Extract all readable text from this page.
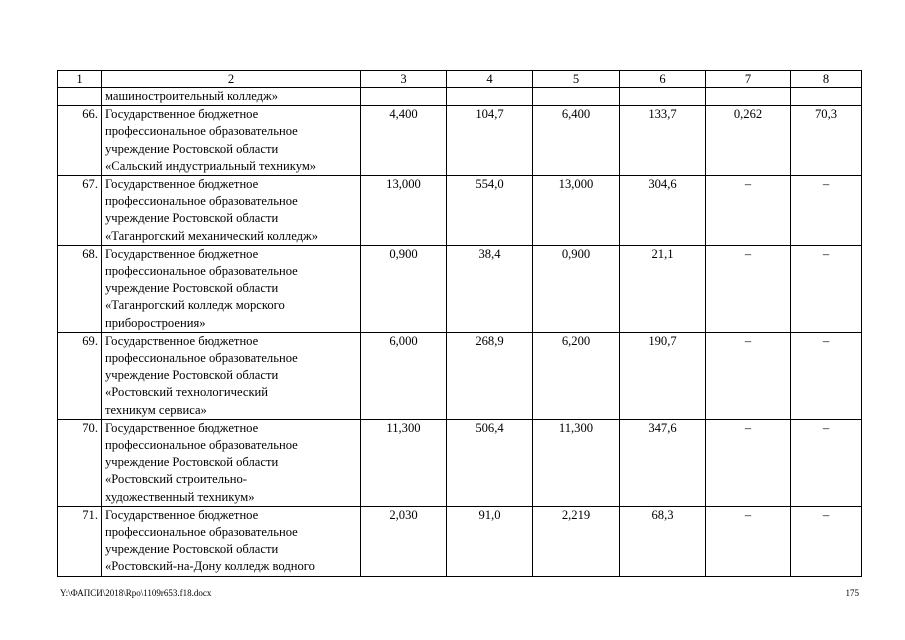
1	2	3	4	5	6	7	8
	машиностроительный колледж»						
66.	Государственное бюджетное
профессиональное образовательное
учреждение Ростовской области
«Сальский индустриальный техникум»	4,400	104,7	6,400	133,7	0,262	70,3
67.	Государственное бюджетное
профессиональное образовательное
учреждение Ростовской области
«Таганрогский механический колледж»	13,000	554,0	13,000	304,6	–	–
68.	Государственное бюджетное
профессиональное образовательное
учреждение Ростовской области
«Таганрогский колледж морского
приборостроения»	0,900	38,4	0,900	21,1	–	–
69.	Государственное бюджетное
профессиональное образовательное
учреждение Ростовской области
«Ростовский технологический
техникум сервиса»	6,000	268,9	6,200	190,7	–	–
70.	Государственное бюджетное
профессиональное образовательное
учреждение Ростовской области
«Ростовский строительно-
художественный техникум»	11,300	506,4	11,300	347,6	–	–
71.	Государственное бюджетное
профессиональное образовательное
учреждение Ростовской области
«Ростовский-на-Дону колледж водного	2,030	91,0	2,219	68,3	–	–
Y:\ФАПСИ\2018\Rpo\1109r653.f18.docx	175
